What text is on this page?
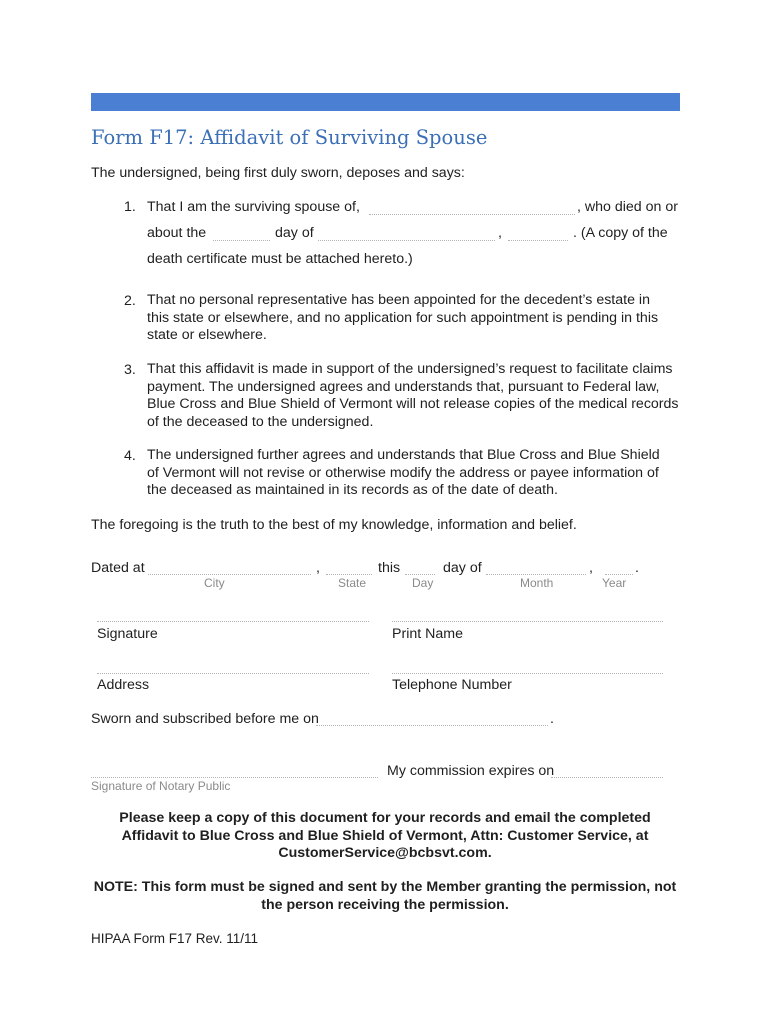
Form F17: Affidavit of Surviving Spouse
The undersigned, being first duly sworn, deposes and says:
1. That I am the surviving spouse of,	, who died on or
about the	day of	,	. (A copy of the
death certificate must be attached hereto.)
2. That no personal representative has been appointed for the decedent’s estate in this state or elsewhere, and no application for such appointment is pending in this state or elsewhere.
3. That this affidavit is made in support of the undersigned’s request to facilitate claims payment. The undersigned agrees and understands that, pursuant to Federal law, Blue Cross and Blue Shield of Vermont will not release copies of the medical records of the deceased to the undersigned.
4. The undersigned further agrees and understands that Blue Cross and Blue Shield of Vermont will not revise or otherwise modify the address or payee information of the deceased as maintained in its records as of the date of death.
The foregoing is the truth to the best of my knowledge, information and belief.
Dated at	,	this	day of	,	.
City	State	Day	Month	Year
Signature	Print Name
Address	Telephone Number
Sworn and subscribed before me on	.
My commission expires on
Signature of Notary Public
Please keep a copy of this document for your records and email the completed Affidavit to Blue Cross and Blue Shield of Vermont, Attn: Customer Service, at CustomerService@bcbsvt.com.
NOTE: This form must be signed and sent by the Member granting the permission, not the person receiving the permission.
HIPAA Form F17 Rev. 11/11
